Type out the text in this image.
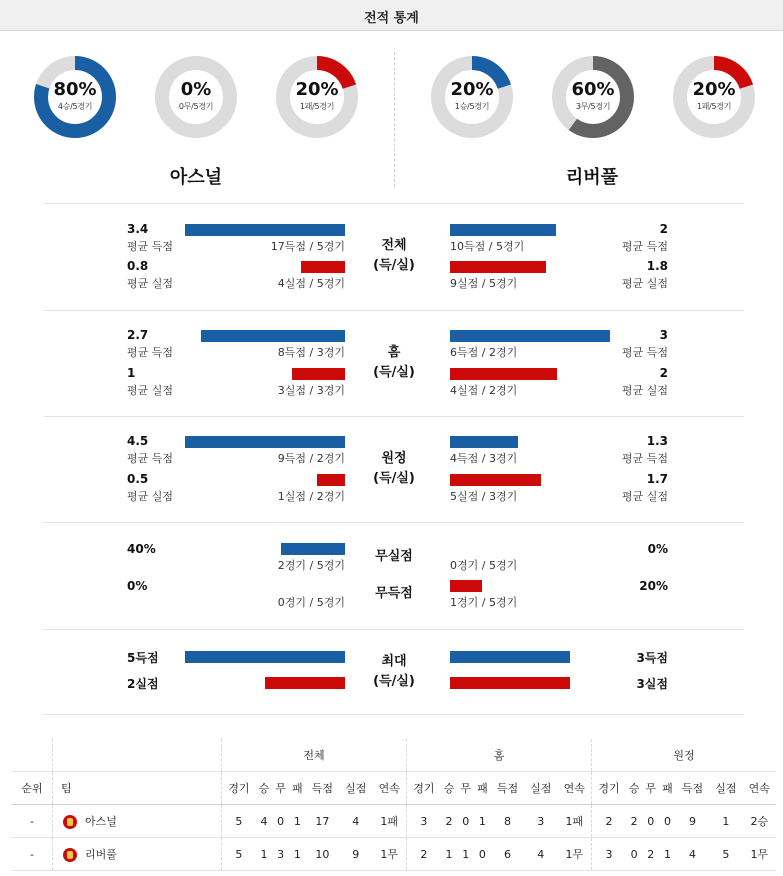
전적 통계
80%
4승/5경기
0%
0무/5경기
20%
1패/5경기
20%
1승/5경기
60%
3무/5경기
20%
1패/5경기
아스널	리버풀
3.4
평균 득점	17득점 / 5경기
0.8
평균 실점	4실점 / 5경기
전체
(득/실)
10득점 / 5경기
2
평균 득점
9실점 / 5경기
1.8
평균 실점
2.7
평균 득점	8득점 / 3경기
1
평균 실점	3실점 / 3경기
홈
(득/실)
6득점 / 2경기
3
평균 득점
4실점 / 2경기
2
평균 실점
4.5
평균 득점	9득점 / 2경기
0.5
평균 실점	1실점 / 2경기
원정
(득/실)
4득점 / 3경기
1.3
평균 득점
5실점 / 3경기
1.7
평균 실점
40%
2경기 / 5경기
0%
0경기 / 5경기
무실점
무득점
0경기 / 5경기
0%
1경기 / 5경기
20%
5득점
2실점
최대
(득/실)
3득점
3실점
		전체							홈							원정						
순위	팀	경기	승	무	패	득점	실점	연속	경기	승	무	패	득점	실점	연속	경기	승	무	패	득점	실점	연속
-	아스널	5	4	0	1	17	4	1패	3	2	0	1	8	3	1패	2	2	0	0	9	1	2승
-	리버풀	5	1	3	1	10	9	1무	2	1	1	0	6	4	1무	3	0	2	1	4	5	1무
